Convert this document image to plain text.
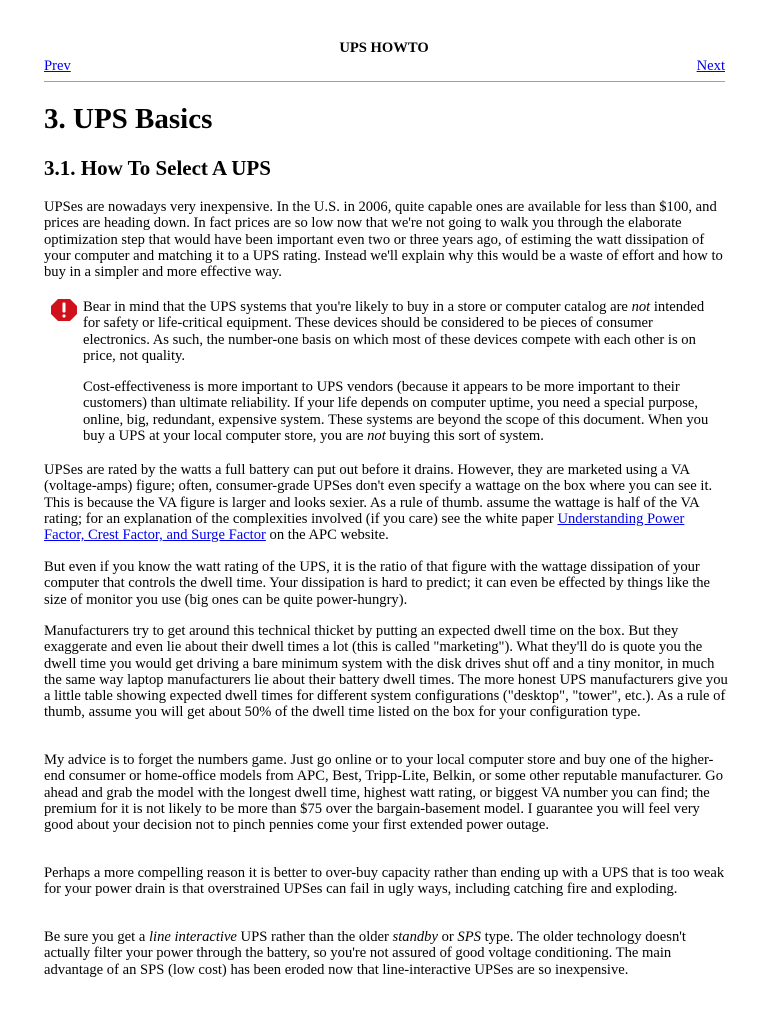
UPS HOWTO
Prev	Next
3. UPS Basics
3.1. How To Select A UPS

UPSes are nowadays very inexpensive. In the U.S. in 2006, quite capable ones are available for less than $100, and prices are heading down. In fact prices are so low now that we're not going to walk you through the elaborate optimization step that would have been important even two or three years ago, of estiming the watt dissipation of your computer and matching it to a UPS rating. Instead we'll explain why this would be a waste of effort and how to buy in a simpler and more effective way.

Bear in mind that the UPS systems that you're likely to buy in a store or computer catalog are not intended for safety or life-critical equipment. These devices should be considered to be pieces of consumer electronics. As such, the number-one basis on which most of these devices compete with each other is on price, not quality.

Cost-effectiveness is more important to UPS vendors (because it appears to be more important to their customers) than ultimate reliability. If your life depends on computer uptime, you need a special purpose, online, big, redundant, expensive system. These systems are beyond the scope of this document. When you buy a UPS at your local computer store, you are not buying this sort of system.

UPSes are rated by the watts a full battery can put out before it drains. However, they are marketed using a VA (voltage-amps) figure; often, consumer-grade UPSes don't even specify a wattage on the box where you can see it. This is because the VA figure is larger and looks sexier. As a rule of thumb. assume the wattage is half of the VA rating; for an explanation of the complexities involved (if you care) see the white paper Understanding Power Factor, Crest Factor, and Surge Factor on the APC website.

But even if you know the watt rating of the UPS, it is the ratio of that figure with the wattage dissipation of your computer that controls the dwell time. Your dissipation is hard to predict; it can even be effected by things like the size of monitor you use (big ones can be quite power-hungry).

Manufacturers try to get around this technical thicket by putting an expected dwell time on the box. But they exaggerate and even lie about their dwell times a lot (this is called "marketing"). What they'll do is quote you the dwell time you would get driving a bare minimum system with the disk drives shut off and a tiny monitor, in much the same way laptop manufacturers lie about their battery dwell times. The more honest UPS manufacturers give you a little table showing expected dwell times for different system configurations ("desktop", "tower", etc.). As a rule of thumb, assume you will get about 50% of the dwell time listed on the box for your configuration type.

My advice is to forget the numbers game. Just go online or to your local computer store and buy one of the higher-end consumer or home-office models from APC, Best, Tripp-Lite, Belkin, or some other reputable manufacturer. Go ahead and grab the model with the longest dwell time, highest watt rating, or biggest VA number you can find; the premium for it is not likely to be more than $75 over the bargain-basement model. I guarantee you will feel very good about your decision not to pinch pennies come your first extended power outage.

Perhaps a more compelling reason it is better to over-buy capacity rather than ending up with a UPS that is too weak for your power drain is that overstrained UPSes can fail in ugly ways, including catching fire and exploding.

Be sure you get a line interactive UPS rather than the older standby or SPS type. The older technology doesn't actually filter your power through the battery, so you're not assured of good voltage conditioning. The main advantage of an SPS (low cost) has been eroded now that line-interactive UPSes are so inexpensive.
